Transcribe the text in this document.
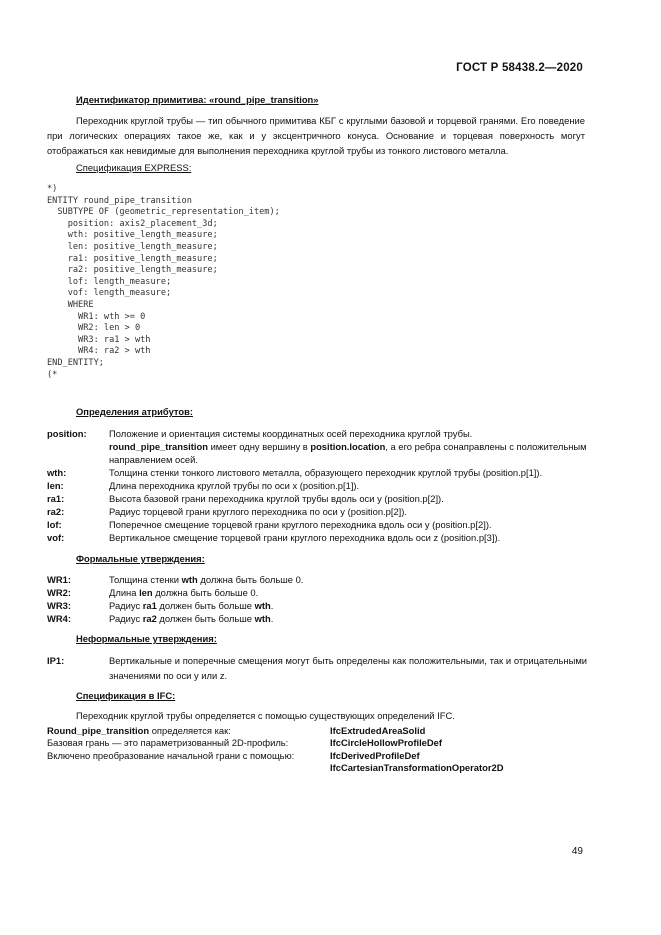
ГОСТ Р 58438.2—2020
Идентификатор примитива: «round_pipe_transition»
Переходник круглой трубы — тип обычного примитива КБГ с круглыми базовой и торцевой гранями. Его поведение при логических операциях такое же, как и у эксцентричного конуса. Основание и торцевая поверхность могут отображаться как невидимые для выполнения переходника круглой трубы из тонкого листового металла.
Спецификация EXPRESS:
*)
ENTITY round_pipe_transition
SUBTYPE OF (geometric_representation_item);
position: axis2_placement_3d;
wth: positive_length_measure;
len: positive_length_measure;
ra1: positive_length_measure;
ra2: positive_length_measure;
lof: length_measure;
vof: length_measure;
WHERE
WR1: wth >= 0
WR2: len > 0
WR3: ra1 > wth
WR4: ra2 > wth
END_ENTITY;
(*
Определения атрибутов:
position: Положение и ориентация системы координатных осей переходника круглой трубы.
round_pipe_transition имеет одну вершину в position.location, а его ребра сонаправлены с положительным направлением осей.
wth:	Толщина стенки тонкого листового металла, образующего переходник круглой трубы (position.p[1]).
len:	Длина переходника круглой трубы по оси x (position.p[1]).
ra1:	Высота базовой грани переходника круглой трубы вдоль оси y (position.p[2]).
ra2:	Радиус торцевой грани круглого переходника по оси y (position.p[2]).
lof:	Поперечное смещение торцевой грани круглого переходника вдоль оси y (position.p[2]).
vof:	Вертикальное смещение торцевой грани круглого переходника вдоль оси z (position.p[3]).
Формальные утверждения:
WR1:	Толщина стенки wth должна быть больше 0.
WR2:	Длина len должна быть больше 0.
WR3:	Радиус ra1 должен быть больше wth.
WR4:	Радиус ra2 должен быть больше wth.
Неформальные утверждения:
IP1:	Вертикальные и поперечные смещения могут быть определены как положительными, так и отрицательными значениями по оси y или z.
Спецификация в IFC:
Переходник круглой трубы определяется с помощью существующих определений IFC.
Round_pipe_transition определяется как:	IfcExtrudedAreaSolid
Базовая грань — это параметризованный 2D-профиль:	IfcCircleHollowProfileDef
Включено преобразование начальной грани с помощью:	IfcDerivedProfileDef
IfcCartesianTransformationOperator2D
49
